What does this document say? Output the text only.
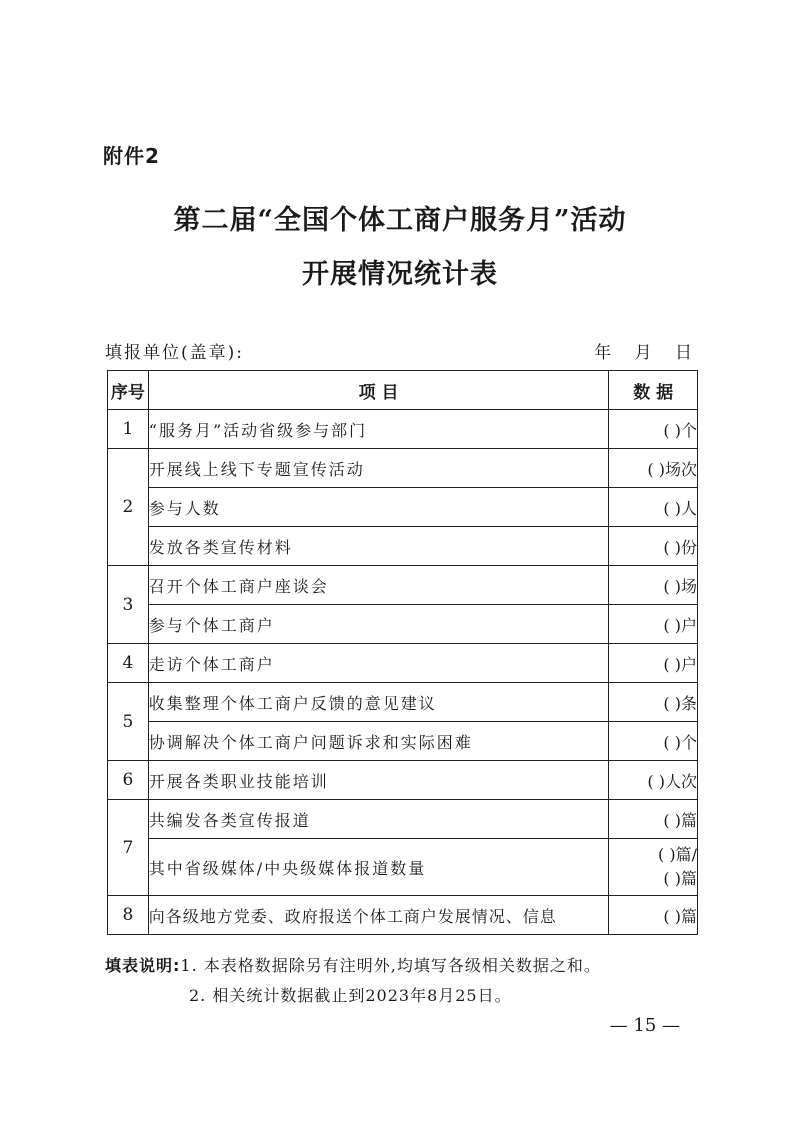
附件2
第二届“全国个体工商户服务月”活动
开展情况统计表
填报单位(盖章):	年 月 日
序号	项 目	数 据
1	“服务月”活动省级参与部门	( )个
2	开展线上线下专题宣传活动	( )场次
	参与人数	( )人
	发放各类宣传材料	( )份
3	召开个体工商户座谈会	( )场
	参与个体工商户	( )户
4	走访个体工商户	( )户
5	收集整理个体工商户反馈的意见建议	( )条
	协调解决个体工商户问题诉求和实际困难	( )个
6	开展各类职业技能培训	( )人次
7	共编发各类宣传报道	( )篇
	其中省级媒体/中央级媒体报道数量	( )篇/
( )篇

8	向各级地方党委、政府报送个体工商户发展情况、信息	( )篇
填表说明:1. 本表格数据除另有注明外,均填写各级相关数据之和。
2. 相关统计数据截止到2023年8月25日。
— 15 —
